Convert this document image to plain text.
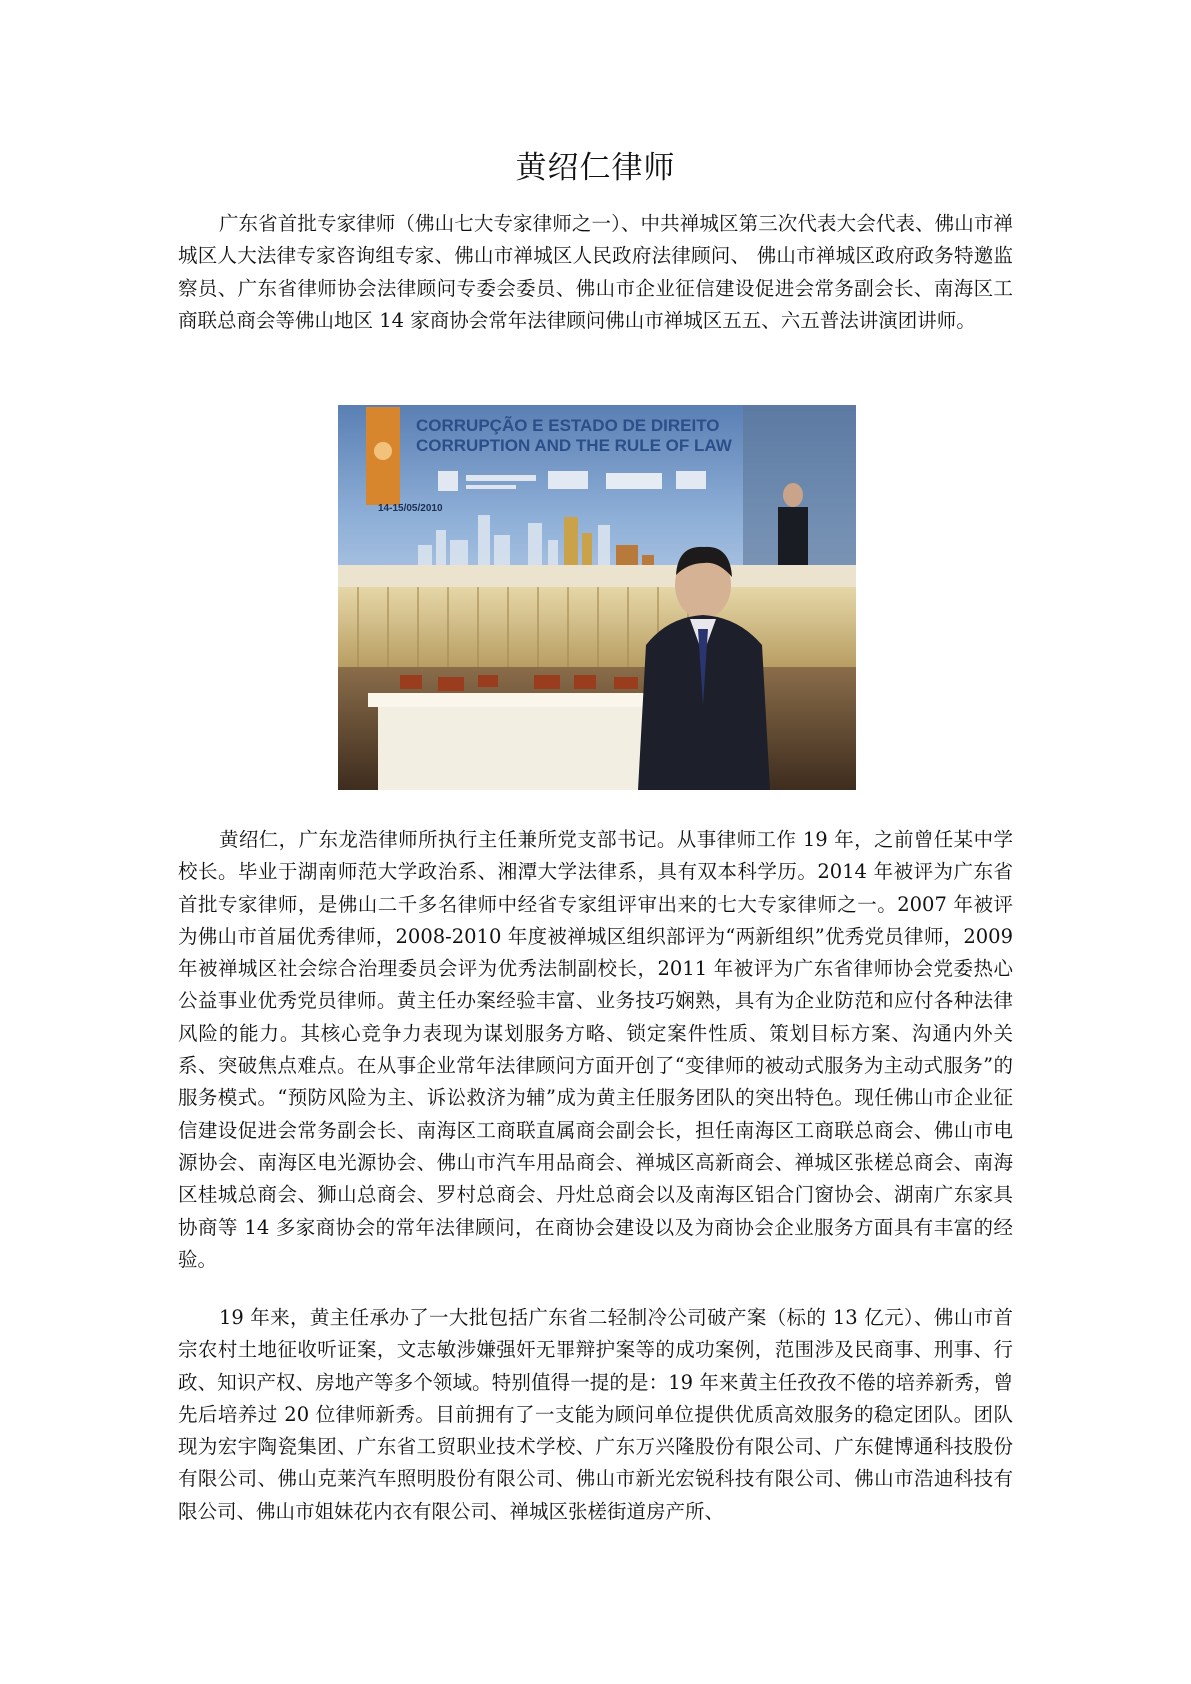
黄绍仁律师

广东省首批专家律师（佛山七大专家律师之一）、中共禅城区第三次代表大会代表、佛山市禅城区人大法律专家咨询组专家、佛山市禅城区人民政府法律顾问、 佛山市禅城区政府政务特邀监察员、广东省律师协会法律顾问专委会委员、佛山市企业征信建设促进会常务副会长、南海区工商联总商会等佛山地区 14 家商协会常年法律顾问佛山市禅城区五五、六五普法讲演团讲师。

CORRUPÇÃO E ESTADO DE DIREITO
CORRUPTION AND THE RULE OF LAW
14-15/05/2010

黄绍仁，广东龙浩律师所执行主任兼所党支部书记。从事律师工作 19 年，之前曾任某中学校长。毕业于湖南师范大学政治系、湘潭大学法律系，具有双本科学历。2014 年被评为广东省首批专家律师，是佛山二千多名律师中经省专家组评审出来的七大专家律师之一。2007 年被评为佛山市首届优秀律师，2008-2010 年度被禅城区组织部评为“两新组织”优秀党员律师，2009 年被禅城区社会综合治理委员会评为优秀法制副校长，2011 年被评为广东省律师协会党委热心公益事业优秀党员律师。黄主任办案经验丰富、业务技巧娴熟，具有为企业防范和应付各种法律风险的能力。其核心竞争力表现为谋划服务方略、锁定案件性质、策划目标方案、沟通内外关系、突破焦点难点。在从事企业常年法律顾问方面开创了“变律师的被动式服务为主动式服务”的服务模式。“预防风险为主、诉讼救济为辅”成为黄主任服务团队的突出特色。现任佛山市企业征信建设促进会常务副会长、南海区工商联直属商会副会长，担任南海区工商联总商会、佛山市电源协会、南海区电光源协会、佛山市汽车用品商会、禅城区高新商会、禅城区张槎总商会、南海区桂城总商会、狮山总商会、罗村总商会、丹灶总商会以及南海区铝合门窗协会、湖南广东家具协商等 14 多家商协会的常年法律顾问，在商协会建设以及为商协会企业服务方面具有丰富的经验。

19 年来，黄主任承办了一大批包括广东省二轻制冷公司破产案（标的 13 亿元）、佛山市首宗农村土地征收听证案，文志敏涉嫌强奸无罪辩护案等的成功案例，范围涉及民商事、刑事、行政、知识产权、房地产等多个领域。特别值得一提的是：19 年来黄主任孜孜不倦的培养新秀，曾先后培养过 20 位律师新秀。目前拥有了一支能为顾问单位提供优质高效服务的稳定团队。团队现为宏宇陶瓷集团、广东省工贸职业技术学校、广东万兴隆股份有限公司、广东健博通科技股份有限公司、佛山克莱汽车照明股份有限公司、佛山市新光宏锐科技有限公司、佛山市浩迪科技有限公司、佛山市姐妹花内衣有限公司、禅城区张槎街道房产所、
